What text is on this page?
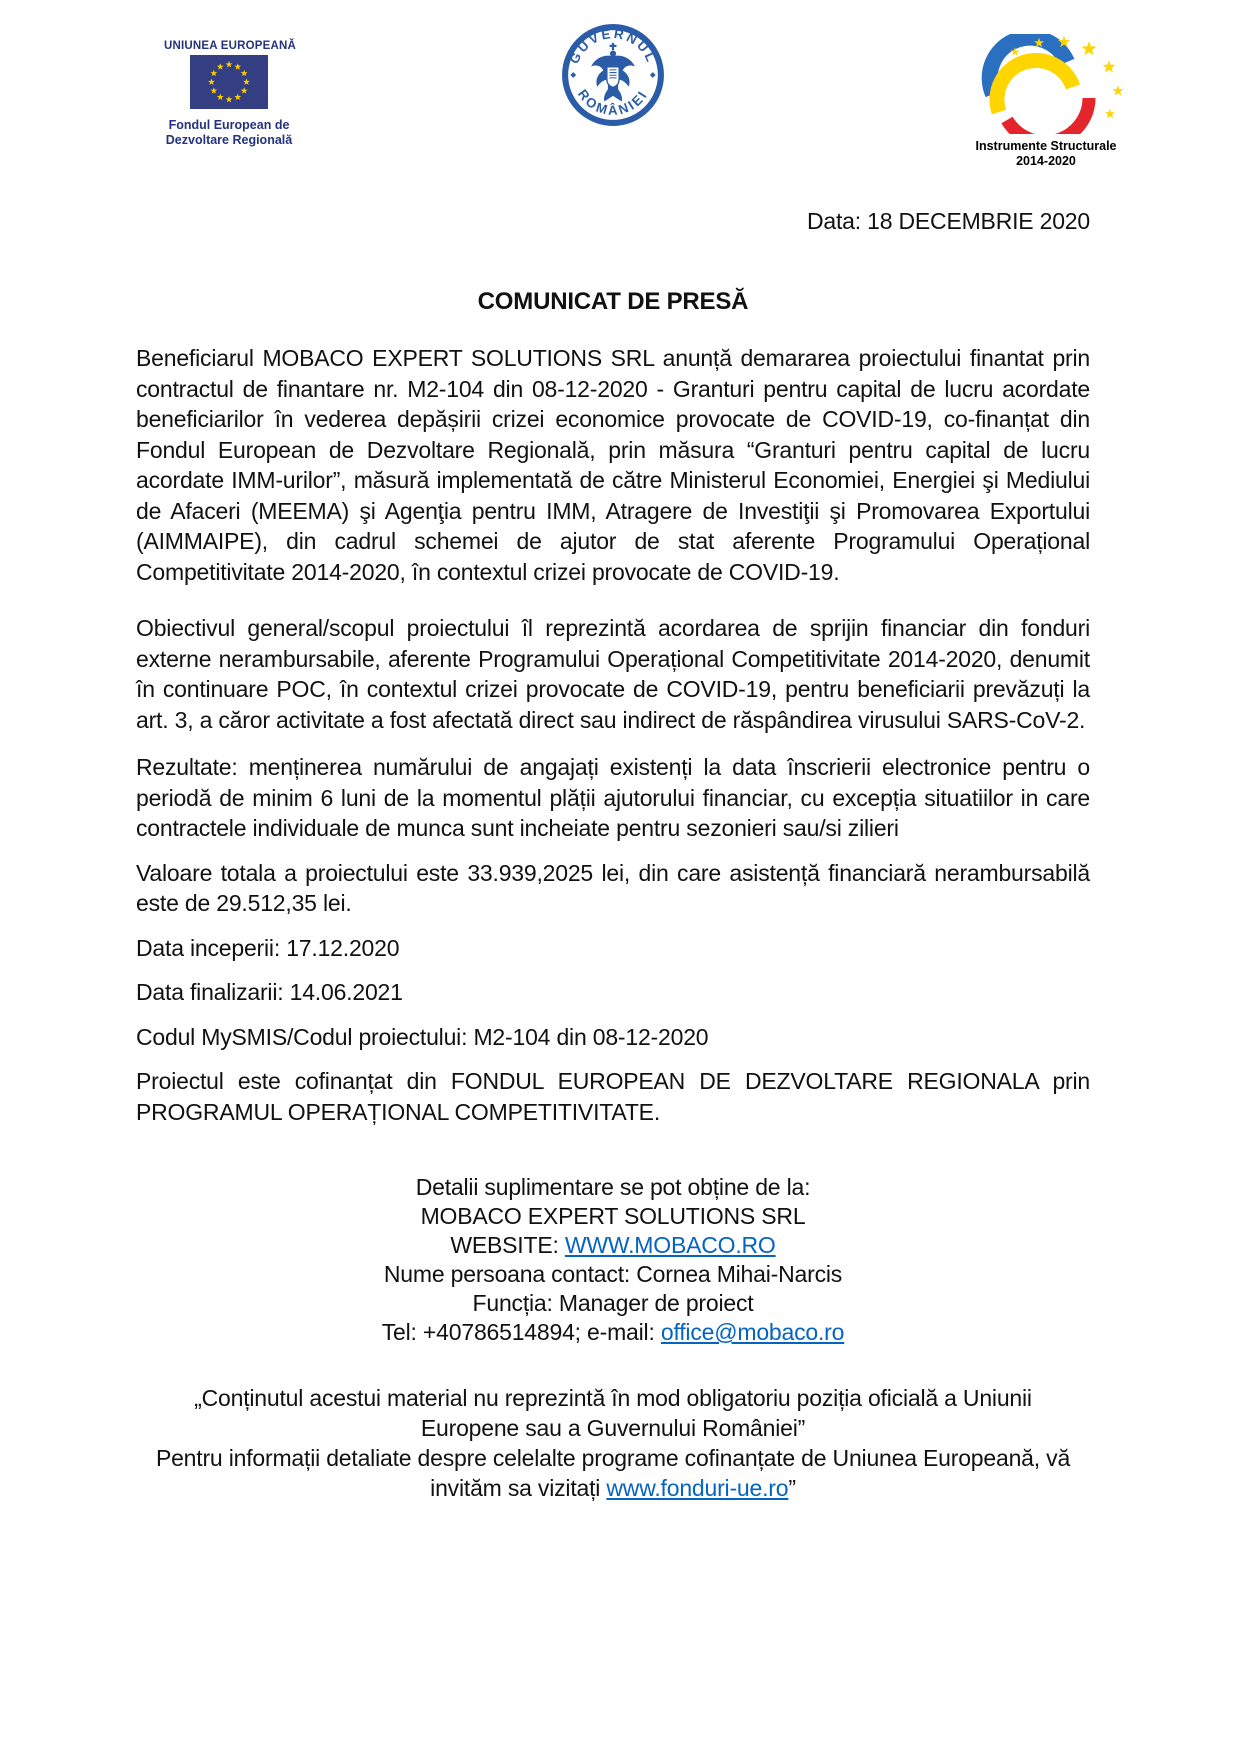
UNIUNEA EUROPEANĂ
Fondul European de
Dezvoltare Regională
GUVERNUL
ROMÂNIEI
Instrumente Structurale
2014-2020
Data: 18 DECEMBRIE 2020
COMUNICAT DE PRESĂ

Beneficiarul MOBACO EXPERT SOLUTIONS SRL anunță demararea proiectului finantat prin contractul de finantare nr. M2-104 din 08-12-2020 - Granturi pentru capital de lucru acordate beneficiarilor în vederea depășirii crizei economice provocate de COVID-19, co-finanțat din Fondul European de Dezvoltare Regională, prin măsura “Granturi pentru capital de lucru acordate IMM-urilor”, măsură implementată de către Ministerul Economiei, Energiei şi Mediului de Afaceri (MEEMA) şi Agenţia pentru IMM, Atragere de Investiţii şi Promovarea Exportului (AIMMAIPE), din cadrul schemei de ajutor de stat aferente Programului Operațional Competitivitate 2014-2020, în contextul crizei provocate de COVID-19.

Obiectivul general/scopul proiectului îl reprezintă acordarea de sprijin financiar din fonduri externe nerambursabile, aferente Programului Operațional Competitivitate 2014-2020, denumit în continuare POC, în contextul crizei provocate de COVID-19, pentru beneficiarii prevăzuți la art. 3, a căror activitate a fost afectată direct sau indirect de răspândirea virusului SARS-CoV-2.

Rezultate: menținerea numărului de angajați existenți la data înscrierii electronice pentru o periodă de minim 6 luni de la momentul plății ajutorului financiar, cu excepția situatiilor in care contractele individuale de munca sunt incheiate pentru sezonieri sau/si zilieri

Valoare totala a proiectului este 33.939,2025 lei, din care asistență financiară nerambursabilă este de 29.512,35 lei.

Data inceperii: 17.12.2020

Data finalizarii: 14.06.2021

Codul MySMIS/Codul proiectului: M2-104 din 08-12-2020

Proiectul este cofinanțat din FONDUL EUROPEAN DE DEZVOLTARE REGIONALA prin PROGRAMUL OPERAȚIONAL COMPETITIVITATE.

Detalii suplimentare se pot obține de la:
MOBACO EXPERT SOLUTIONS SRL
WEBSITE: WWW.MOBACO.RO
Nume persoana contact: Cornea Mihai-Narcis
Funcția: Manager de proiect
Tel: +40786514894; e-mail: office@mobaco.ro
„Conținutul acestui material nu reprezintă în mod obligatoriu poziția oficială a Uniunii
Europene sau a Guvernului României”
Pentru informații detaliate despre celelalte programe cofinanțate de Uniunea Europeană, vă
invităm sa vizitați www.fonduri-ue.ro”
